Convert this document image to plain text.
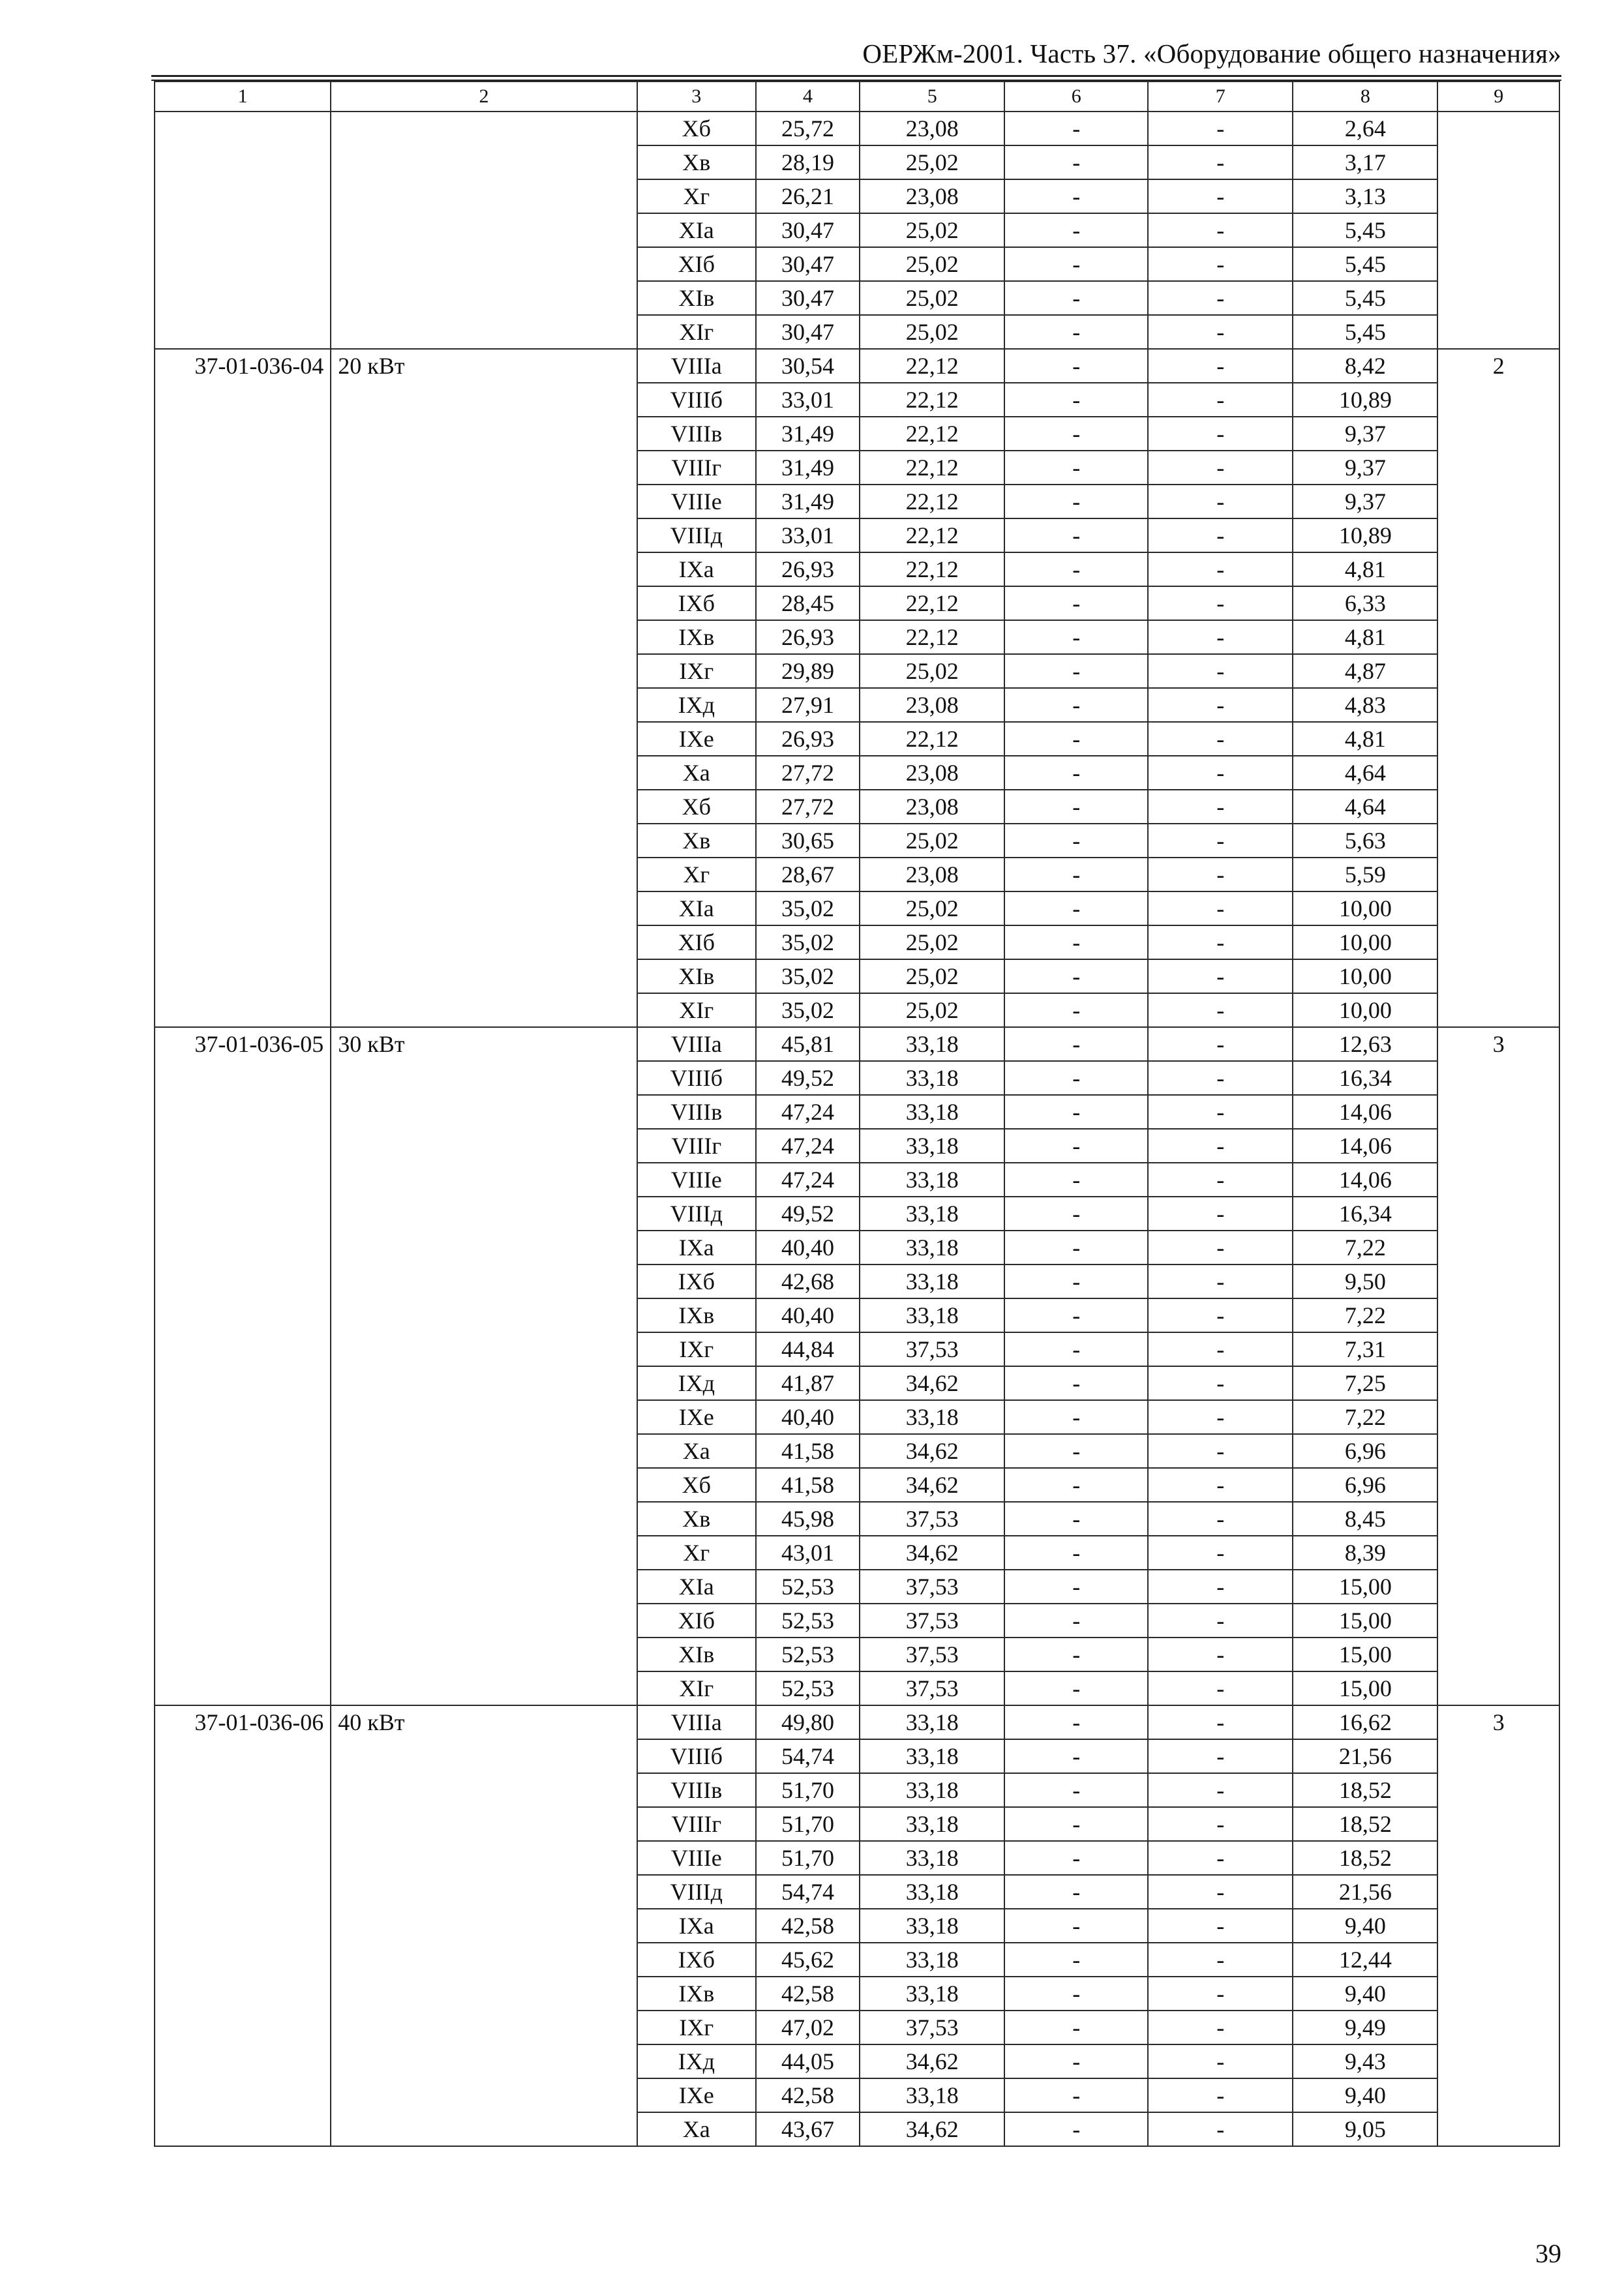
ОЕРЖм-2001. Часть 37. «Оборудование общего назначения»
1	2	3	4	5	6	7	8	9
		Xб	25,72	23,08	-	-	2,64	
		Xв	28,19	25,02	-	-	3,17	
		Xг	26,21	23,08	-	-	3,13	
		XIa	30,47	25,02	-	-	5,45	
		XIб	30,47	25,02	-	-	5,45	
		XIв	30,47	25,02	-	-	5,45	
		XIг	30,47	25,02	-	-	5,45	
37-01-036-04	20 кВт	VIIIa	30,54	22,12	-	-	8,42	2
		VIIIб	33,01	22,12	-	-	10,89	
		VIIIв	31,49	22,12	-	-	9,37	
		VIIIг	31,49	22,12	-	-	9,37	
		VIIIe	31,49	22,12	-	-	9,37	
		VIIIд	33,01	22,12	-	-	10,89	
		IXa	26,93	22,12	-	-	4,81	
		IXб	28,45	22,12	-	-	6,33	
		IXв	26,93	22,12	-	-	4,81	
		IXг	29,89	25,02	-	-	4,87	
		IXд	27,91	23,08	-	-	4,83	
		IXe	26,93	22,12	-	-	4,81	
		Xa	27,72	23,08	-	-	4,64	
		Xб	27,72	23,08	-	-	4,64	
		Xв	30,65	25,02	-	-	5,63	
		Xг	28,67	23,08	-	-	5,59	
		XIa	35,02	25,02	-	-	10,00	
		XIб	35,02	25,02	-	-	10,00	
		XIв	35,02	25,02	-	-	10,00	
		XIг	35,02	25,02	-	-	10,00	
37-01-036-05	30 кВт	VIIIa	45,81	33,18	-	-	12,63	3
		VIIIб	49,52	33,18	-	-	16,34	
		VIIIв	47,24	33,18	-	-	14,06	
		VIIIг	47,24	33,18	-	-	14,06	
		VIIIe	47,24	33,18	-	-	14,06	
		VIIIд	49,52	33,18	-	-	16,34	
		IXa	40,40	33,18	-	-	7,22	
		IXб	42,68	33,18	-	-	9,50	
		IXв	40,40	33,18	-	-	7,22	
		IXг	44,84	37,53	-	-	7,31	
		IXд	41,87	34,62	-	-	7,25	
		IXe	40,40	33,18	-	-	7,22	
		Xa	41,58	34,62	-	-	6,96	
		Xб	41,58	34,62	-	-	6,96	
		Xв	45,98	37,53	-	-	8,45	
		Xг	43,01	34,62	-	-	8,39	
		XIa	52,53	37,53	-	-	15,00	
		XIб	52,53	37,53	-	-	15,00	
		XIв	52,53	37,53	-	-	15,00	
		XIг	52,53	37,53	-	-	15,00	
37-01-036-06	40 кВт	VIIIa	49,80	33,18	-	-	16,62	3
		VIIIб	54,74	33,18	-	-	21,56	
		VIIIв	51,70	33,18	-	-	18,52	
		VIIIг	51,70	33,18	-	-	18,52	
		VIIIe	51,70	33,18	-	-	18,52	
		VIIIд	54,74	33,18	-	-	21,56	
		IXa	42,58	33,18	-	-	9,40	
		IXб	45,62	33,18	-	-	12,44	
		IXв	42,58	33,18	-	-	9,40	
		IXг	47,02	37,53	-	-	9,49	
		IXд	44,05	34,62	-	-	9,43	
		IXe	42,58	33,18	-	-	9,40	
		Xa	43,67	34,62	-	-	9,05	
39
